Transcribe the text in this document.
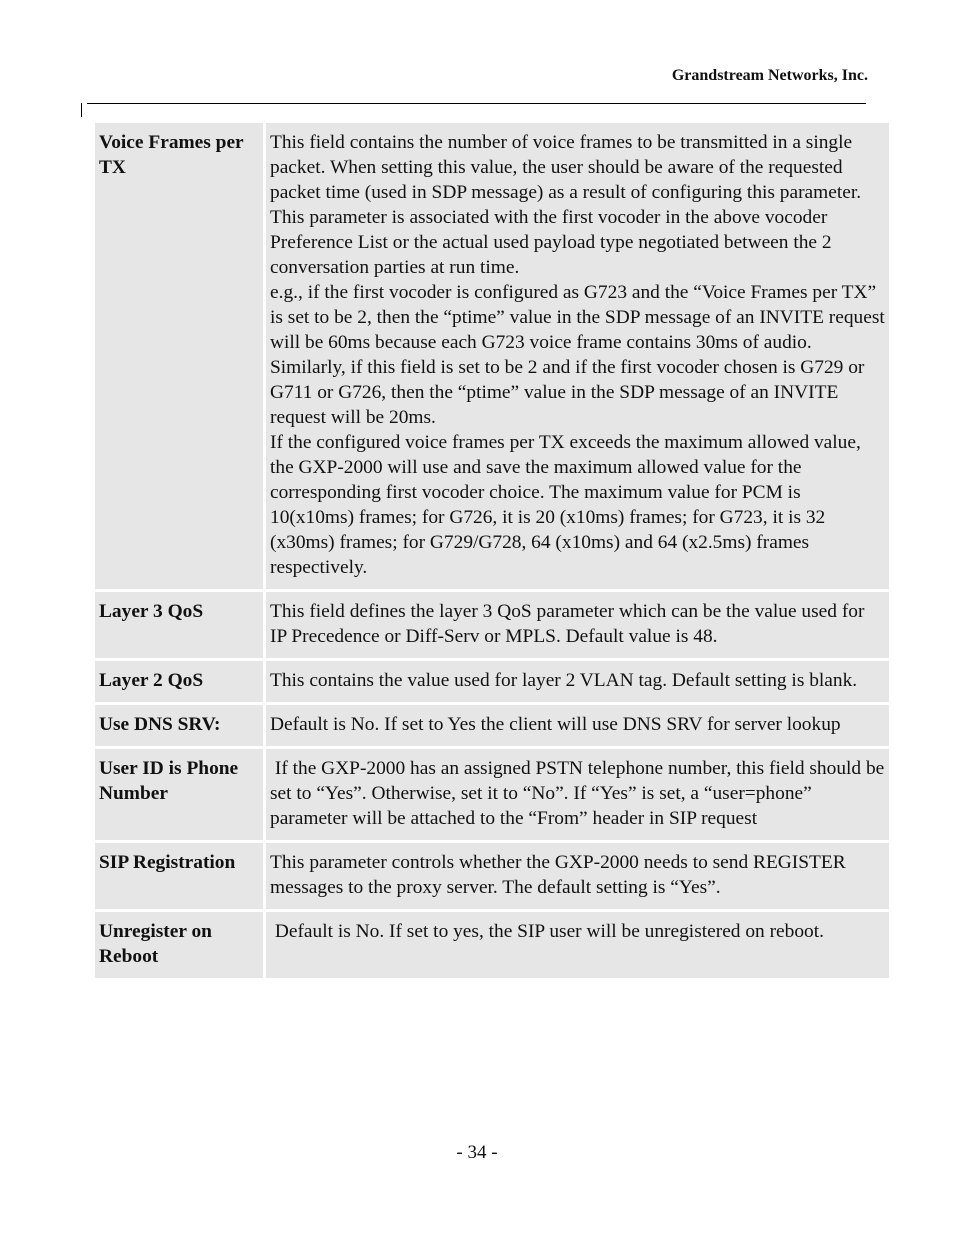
Grandstream Networks, Inc.
Voice Frames per TX	This field contains the number of voice frames to be transmitted in a single packet. When setting this value, the user should be aware of the requested packet time (used in SDP message) as a result of configuring this parameter. This parameter is associated with the first vocoder in the above vocoder Preference List or the actual used payload type negotiated between the 2 conversation parties at run time.
e.g., if the first vocoder is configured as G723 and the “Voice Frames per TX” is set to be 2, then the “ptime” value in the SDP message of an INVITE request will be 60ms because each G723 voice frame contains 30ms of audio. Similarly, if this field is set to be 2 and if the first vocoder chosen is G729 or G711 or G726, then the “ptime” value in the SDP message of an INVITE request will be 20ms.
If the configured voice frames per TX exceeds the maximum allowed value, the GXP-2000 will use and save the maximum allowed value for the corresponding first vocoder choice. The maximum value for PCM is 10(x10ms) frames; for G726, it is 20 (x10ms) frames; for G723, it is 32 (x30ms) frames; for G729/G728, 64 (x10ms) and 64 (x2.5ms) frames respectively.

Layer 3 QoS	This field defines the layer 3 QoS parameter which can be the value used for IP Precedence or Diff-Serv or MPLS. Default value is 48.

Layer 2 QoS	This contains the value used for layer 2 VLAN tag. Default setting is blank.

Use DNS SRV:	Default is No. If set to Yes the client will use DNS SRV for server lookup

User ID is Phone Number	If the GXP-2000 has an assigned PSTN telephone number, this field should be set to “Yes”. Otherwise, set it to “No”. If “Yes” is set, a “user=phone” parameter will be attached to the “From” header in SIP request

SIP Registration	This parameter controls whether the GXP-2000 needs to send REGISTER messages to the proxy server. The default setting is “Yes”.

Unregister on Reboot	Default is No. If set to yes, the SIP user will be unregistered on reboot.
- 34 -
